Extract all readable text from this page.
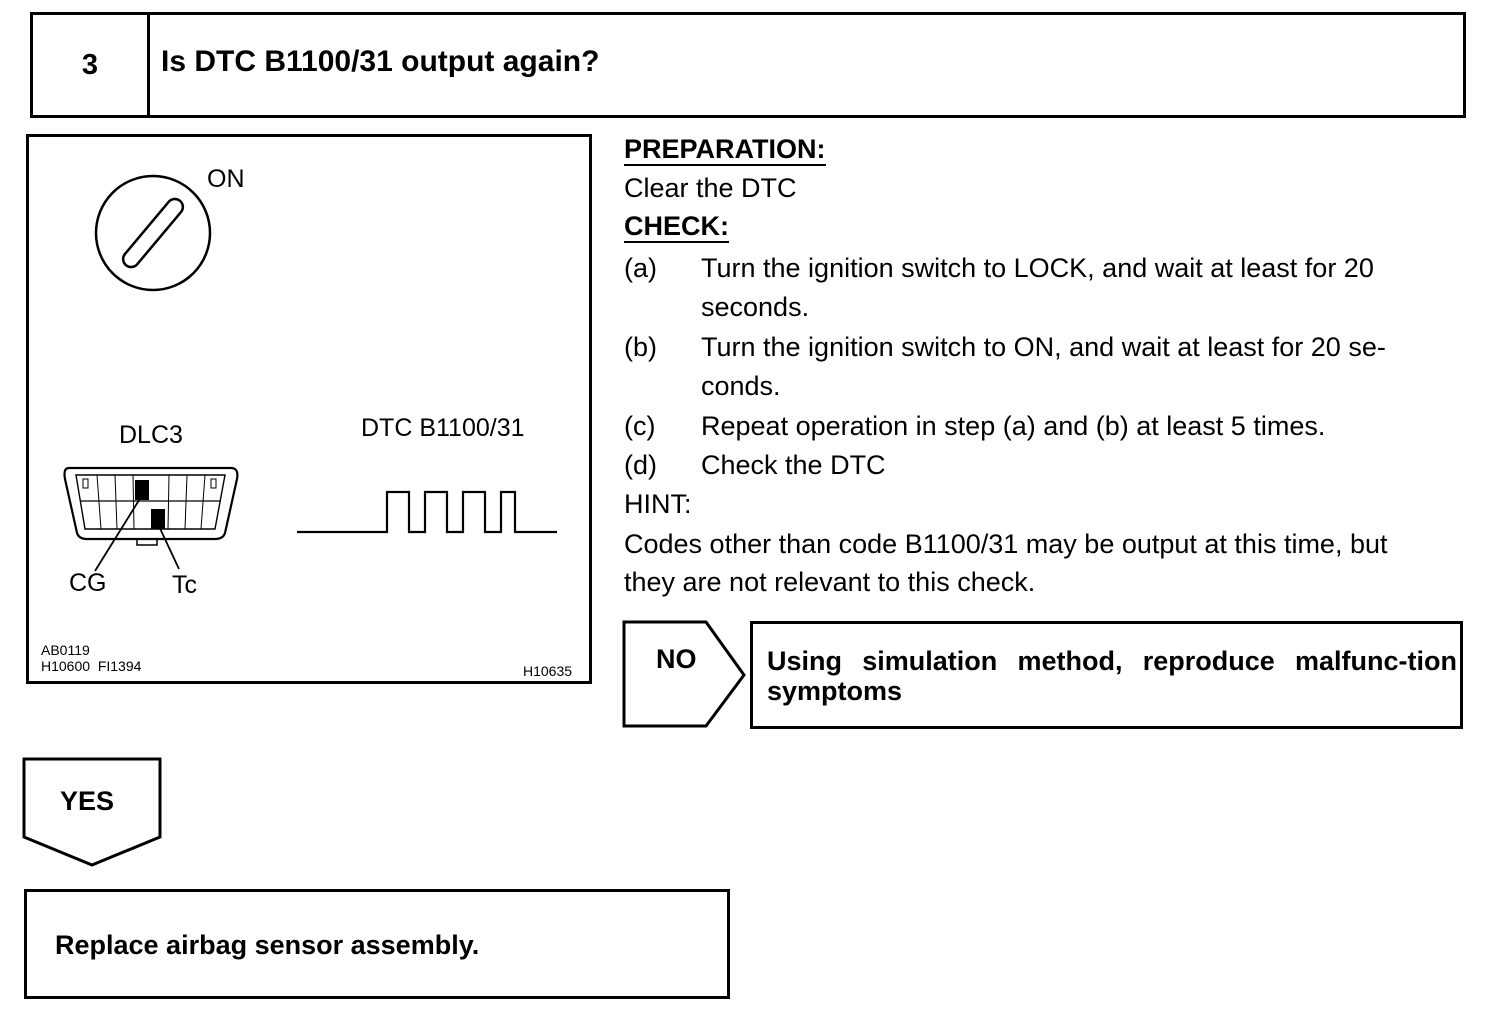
3	Is DTC B1100/31 output again?
ON
DLC3	DTC B1100/31
CG	Tc
AB0119
H10600  FI1394	H10635
PREPARATION:
Clear the DTC
CHECK:
(a) Turn the ignition switch to LOCK, and wait at least for 20
seconds.
(b) Turn the ignition switch to ON, and wait at least for 20 se-
conds.
(c) Repeat operation in step (a) and (b) at least 5 times.
(d) Check the DTC
HINT:
Codes other than code B1100/31 may be output at this time, but
they are not relevant to this check.
NO	Using simulation method, reproduce malfunc-tion symptoms
YES
Replace airbag sensor assembly.
